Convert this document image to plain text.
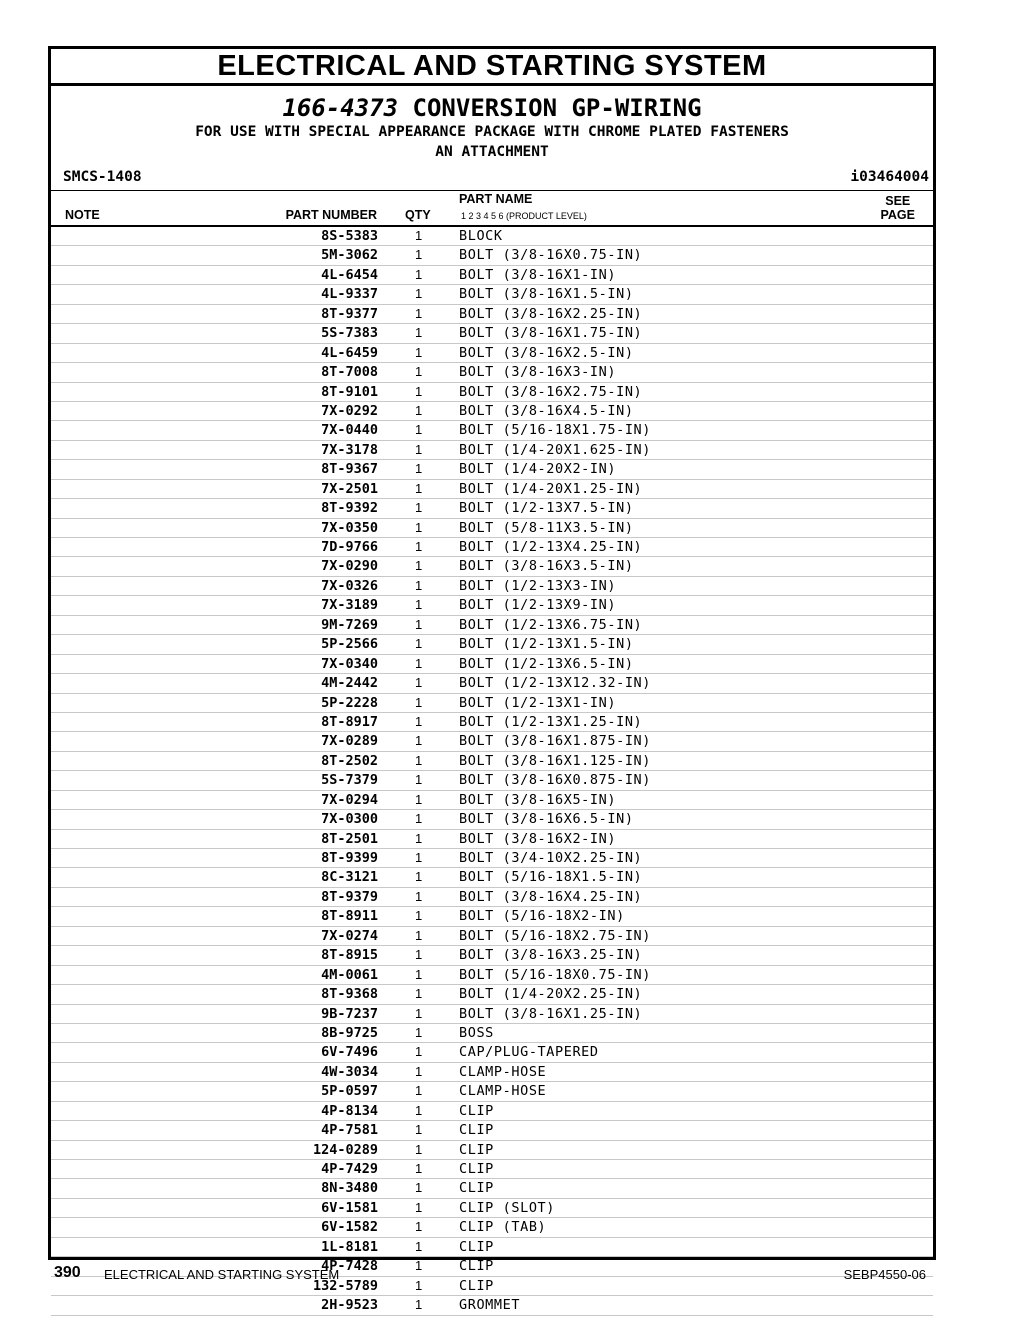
ELECTRICAL AND STARTING SYSTEM
166-4373 CONVERSION GP-WIRING
FOR USE WITH SPECIAL APPEARANCE PACKAGE WITH CHROME PLATED FASTENERS
AN ATTACHMENT
SMCS-1408	i03464004
NOTE	PART NUMBER QTY
PART NAME
1 2 3 4 5 6 (PRODUCT LEVEL)
SEE
PAGE
8S-5383	1	BLOCK
5M-3062	1	BOLT (3/8-16X0.75-IN)
4L-6454	1	BOLT (3/8-16X1-IN)
4L-9337	1	BOLT (3/8-16X1.5-IN)
8T-9377	1	BOLT (3/8-16X2.25-IN)
5S-7383	1	BOLT (3/8-16X1.75-IN)
4L-6459	1	BOLT (3/8-16X2.5-IN)
8T-7008	1	BOLT (3/8-16X3-IN)
8T-9101	1	BOLT (3/8-16X2.75-IN)
7X-0292	1	BOLT (3/8-16X4.5-IN)
7X-0440	1	BOLT (5/16-18X1.75-IN)
7X-3178	1	BOLT (1/4-20X1.625-IN)
8T-9367	1	BOLT (1/4-20X2-IN)
7X-2501	1	BOLT (1/4-20X1.25-IN)
8T-9392	1	BOLT (1/2-13X7.5-IN)
7X-0350	1	BOLT (5/8-11X3.5-IN)
7D-9766	1	BOLT (1/2-13X4.25-IN)
7X-0290	1	BOLT (3/8-16X3.5-IN)
7X-0326	1	BOLT (1/2-13X3-IN)
7X-3189	1	BOLT (1/2-13X9-IN)
9M-7269	1	BOLT (1/2-13X6.75-IN)
5P-2566	1	BOLT (1/2-13X1.5-IN)
7X-0340	1	BOLT (1/2-13X6.5-IN)
4M-2442	1	BOLT (1/2-13X12.32-IN)
5P-2228	1	BOLT (1/2-13X1-IN)
8T-8917	1	BOLT (1/2-13X1.25-IN)
7X-0289	1	BOLT (3/8-16X1.875-IN)
8T-2502	1	BOLT (3/8-16X1.125-IN)
5S-7379	1	BOLT (3/8-16X0.875-IN)
7X-0294	1	BOLT (3/8-16X5-IN)
7X-0300	1	BOLT (3/8-16X6.5-IN)
8T-2501	1	BOLT (3/8-16X2-IN)
8T-9399	1	BOLT (3/4-10X2.25-IN)
8C-3121	1	BOLT (5/16-18X1.5-IN)
8T-9379	1	BOLT (3/8-16X4.25-IN)
8T-8911	1	BOLT (5/16-18X2-IN)
7X-0274	1	BOLT (5/16-18X2.75-IN)
8T-8915	1	BOLT (3/8-16X3.25-IN)
4M-0061	1	BOLT (5/16-18X0.75-IN)
8T-9368	1	BOLT (1/4-20X2.25-IN)
9B-7237	1	BOLT (3/8-16X1.25-IN)
8B-9725	1	BOSS
6V-7496	1	CAP/PLUG-TAPERED
4W-3034	1	CLAMP-HOSE
5P-0597	1	CLAMP-HOSE
4P-8134	1	CLIP
4P-7581	1	CLIP
124-0289	1	CLIP
4P-7429	1	CLIP
8N-3480	1	CLIP
6V-1581	1	CLIP (SLOT)
6V-1582	1	CLIP (TAB)
1L-8181	1	CLIP
4P-7428	1	CLIP
132-5789	1	CLIP
2H-9523	1	GROMMET
390 ELECTRICAL AND STARTING SYSTEM	SEBP4550-06
